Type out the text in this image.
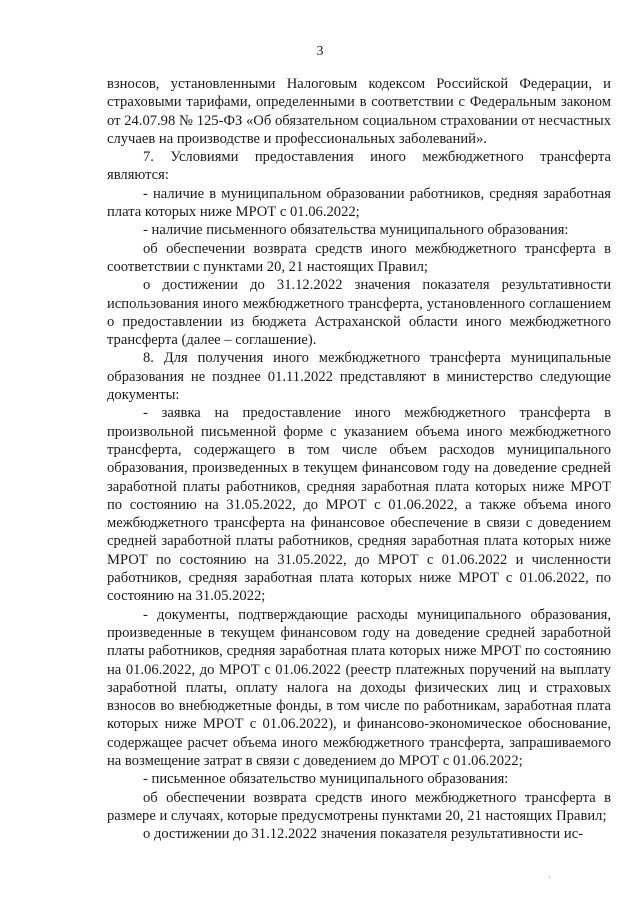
3

взносов, установленными Налоговым кодексом Российской Федерации, и страховыми тарифами, определенными в соответствии с Федеральным законом от 24.07.98 № 125-ФЗ «Об обязательном социальном страховании от несчастных случаев на производстве и профессиональных заболеваний».

7. Условиями предоставления иного межбюджетного трансферта являются:

- наличие в муниципальном образовании работников, средняя заработная плата которых ниже МРОТ с 01.06.2022;

- наличие письменного обязательства муниципального образования:

об обеспечении возврата средств иного межбюджетного трансферта в соответствии с пунктами 20, 21 настоящих Правил;

о достижении до 31.12.2022 значения показателя результативности использования иного межбюджетного трансферта, установленного соглашением о предоставлении из бюджета Астраханской области иного межбюджетного трансферта (далее – соглашение).

8. Для получения иного межбюджетного трансферта муниципальные образования не позднее 01.11.2022 представляют в министерство следующие документы:

- заявка на предоставление иного межбюджетного трансферта в произвольной письменной форме с указанием объема иного межбюджетного трансферта, содержащего в том числе объем расходов муниципального образования, произведенных в текущем финансовом году на доведение средней заработной платы работников, средняя заработная плата которых ниже МРОТ по состоянию на 31.05.2022, до МРОТ с 01.06.2022, а также объема иного межбюджетного трансферта на финансовое обеспечение в связи с доведением средней заработной платы работников, средняя заработная плата которых ниже МРОТ по состоянию на 31.05.2022, до МРОТ с 01.06.2022 и численности работников, средняя заработная плата которых ниже МРОТ с 01.06.2022, по состоянию на 31.05.2022;

- документы, подтверждающие расходы муниципального образования, произведенные в текущем финансовом году на доведение средней заработной платы работников, средняя заработная плата которых ниже МРОТ по состоянию на 01.06.2022, до МРОТ с 01.06.2022 (реестр платежных поручений на выплату заработной платы, оплату налога на доходы физических лиц и страховых взносов во внебюджетные фонды, в том числе по работникам, заработная плата которых ниже МРОТ с 01.06.2022), и финансово-экономическое обоснование, содержащее расчет объема иного межбюджетного трансферта, запрашиваемого на возмещение затрат в связи с доведением до МРОТ с 01.06.2022;

- письменное обязательство муниципального образования:

об обеспечении возврата средств иного межбюджетного трансферта в размере и случаях, которые предусмотрены пунктами 20, 21 настоящих Правил;

о достижении до 31.12.2022 значения показателя результативности ис-

·
